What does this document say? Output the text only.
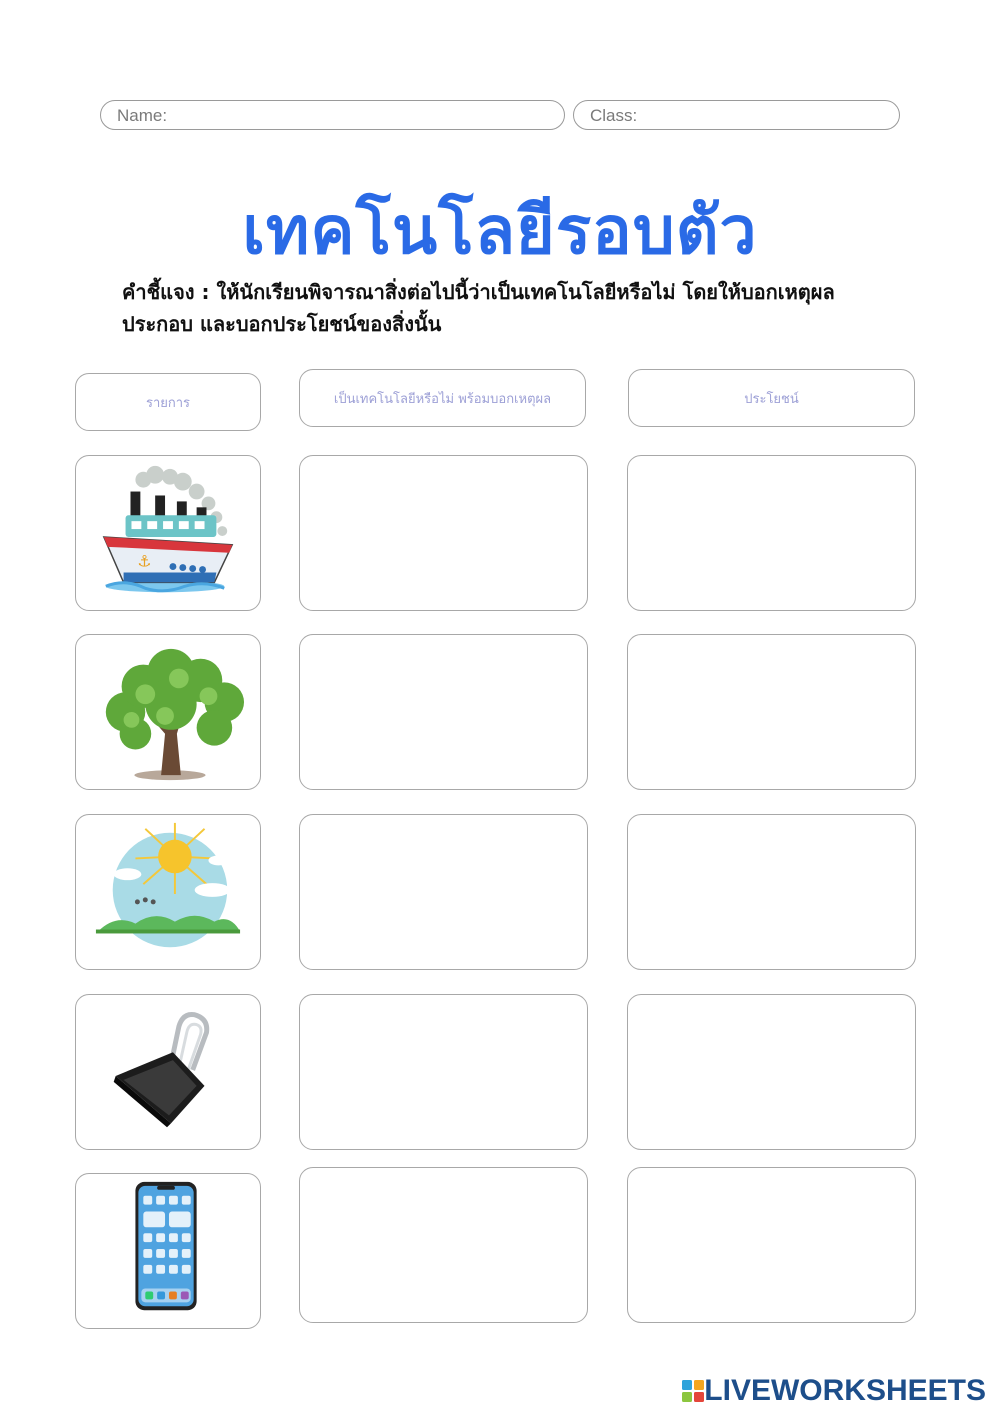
Name:	Class:
เทคโนโลยีรอบตัว
คำชี้แจง : ให้นักเรียนพิจารณาสิ่งต่อไปนี้ว่าเป็นเทคโนโลยีหรือไม่ โดยให้บอกเหตุผล
ประกอบ และบอกประโยชน์ของสิ่งนั้น
รายการ	เป็นเทคโนโลยีหรือไม่ พร้อมบอกเหตุผล	ประโยชน์
⚓
LIVEWORKSHEETS
